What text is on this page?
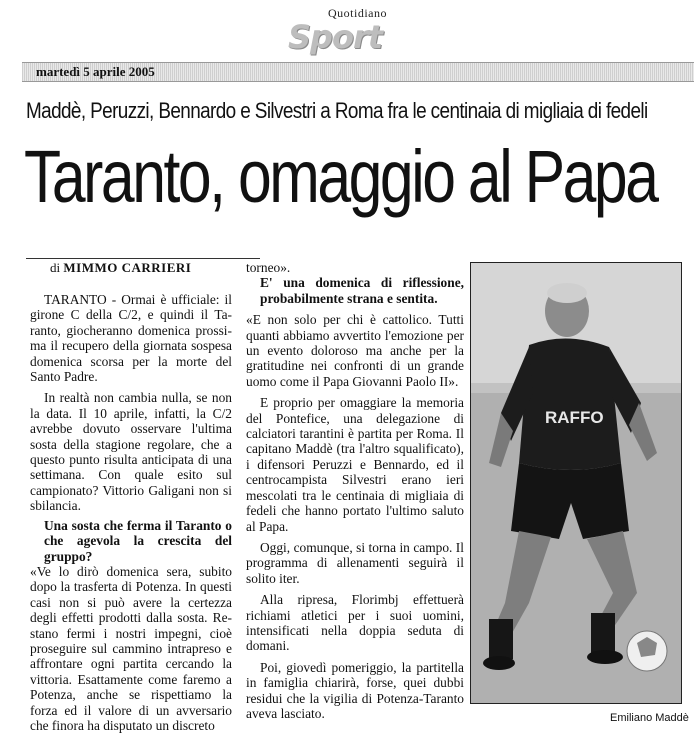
Quotidiano
Sport
martedì 5 aprile 2005
Maddè, Peruzzi, Bennardo e Silvestri a Roma fra le centinaia di migliaia di fedeli
Taranto, omaggio al Papa
di MIMMO CARRIERI

TARANTO - Ormai è ufficiale: il girone C della C/2, e quindi il Taranto, giocheranno domenica prossima il recupero della giornata sospesa domenica scorsa per la morte del Santo Padre.

In realtà non cambia nulla, se non la data. Il 10 aprile, infatti, la C/2 avrebbe dovuto osservare l'ultima sosta della stagione regolare, che a questo punto risulta anticipata di una settimana. Con quale esito sul campionato? Vittorio Galigani non si sbilancia.

Una sosta che ferma il Taranto o che agevola la crescita del gruppo?

«Ve lo dirò domenica sera, subito dopo la trasferta di Potenza. In questi casi non si può avere la certezza degli effetti prodotti dalla sosta. Restano fermi i nostri impegni, cioè proseguire sul cammino intrapreso e affrontare ogni partita cercando la vittoria. Esattamente come faremo a Potenza, anche se rispettiamo la forza ed il valore di un avversario che finora ha disputato un discreto

torneo».

E' una domenica di riflessione, probabilmente strana e sentita.

«E non solo per chi è cattolico. Tutti quanti abbiamo avvertito l'emozione per un evento doloroso ma anche per la gratitudine nei confronti di un grande uomo come il Papa Giovanni Paolo II».

E proprio per omaggiare la memoria del Pontefice, una delegazione di calciatori tarantini è partita per Roma. Il capitano Maddè (tra l'altro squalificato), i difensori Peruzzi e Bennardo, ed il centrocampista Silvestri erano ieri mescolati tra le centinaia di migliaia di fedeli che hanno portato l'ultimo saluto al Papa.

Oggi, comunque, si torna in campo. Il programma di allenamenti seguirà il solito iter.

Alla ripresa, Florimbj effettuerà richiami atletici per i suoi uomini, intensificati nella doppia seduta di domani.

Poi, giovedì pomeriggio, la partitella in famiglia chiarirà, forse, quei dubbi residui che la vigilia di Potenza-Taranto aveva lasciato.

RAFFO
Emiliano Maddè
